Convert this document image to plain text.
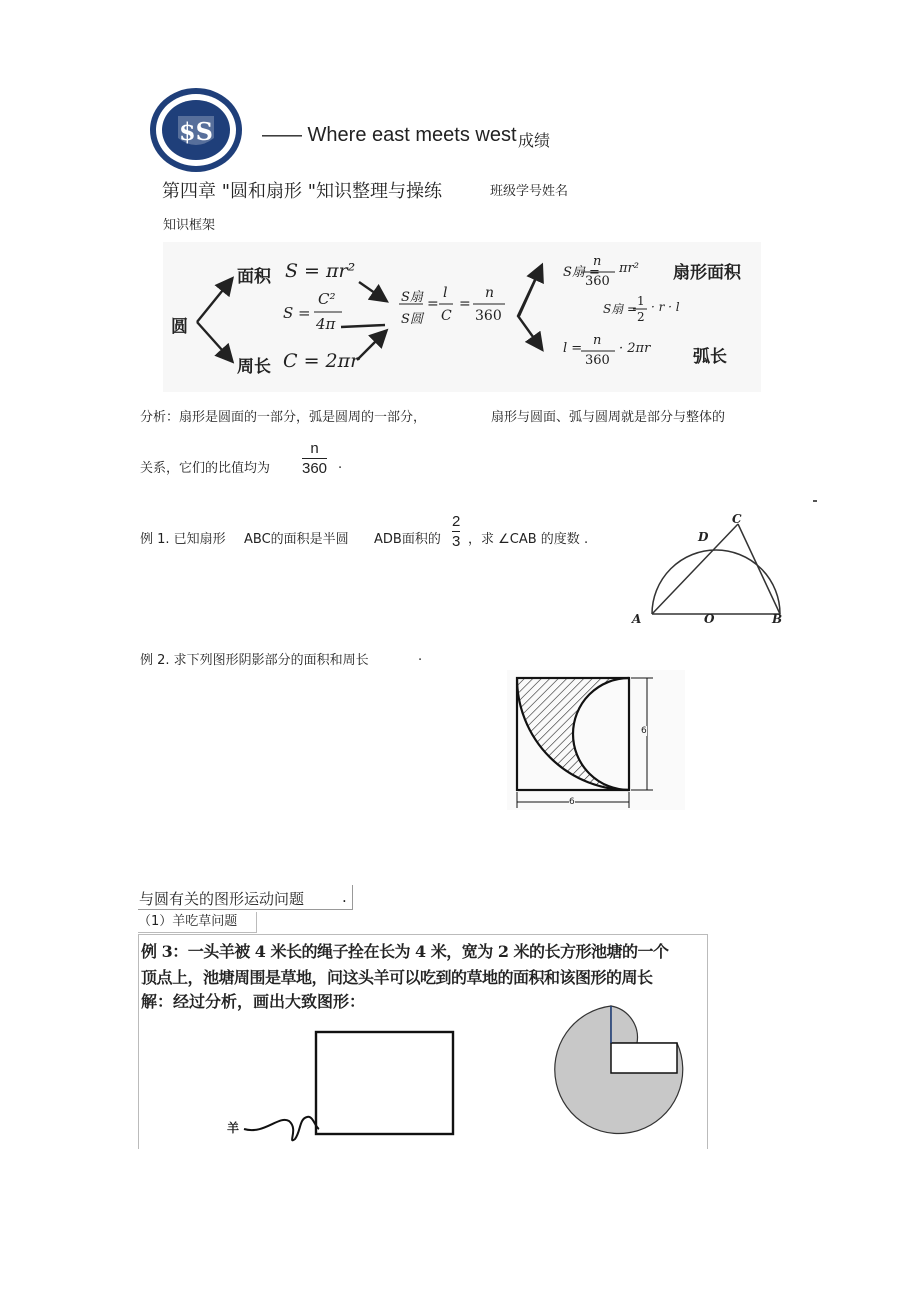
$S —— Where east meets west 成绩
第四章 "圆和扇形 "知识整理与操练	班级学号姓名
知识框架
圆
面积 S = πr²
S =
C²
4π
周长 C = 2πr
S扇
S圆
=
l
C
=
n
360
S扇 =
n
360
πr² 扇形面积
S扇 =
1
2
· r · l
l =
n
360
· 2πr	弧长
分析：扇形是圆面的一部分，弧是圆周的一部分，	扇形与圆面、弧与圆周就是部分与整体的
关系，它们的比值均为
n
360 .
例 1. 已知扇形 ABC的面积是半圆 ADB面积的
2
3 ，求 ∠CAB 的度数 .
A	O	B
C
D
例 2. 求下列图形阴影部分的面积和周长	.
6
6
与圆有关的图形运动问题	.
（1）羊吃草问题
例 3：一头羊被 4 米长的绳子拴在长为 4 米，宽为 2 米的长方形池塘的一个
顶点上，池塘周围是草地，问这头羊可以吃到的草地的面积和该图形的周长
解：经过分析，画出大致图形：
羊
